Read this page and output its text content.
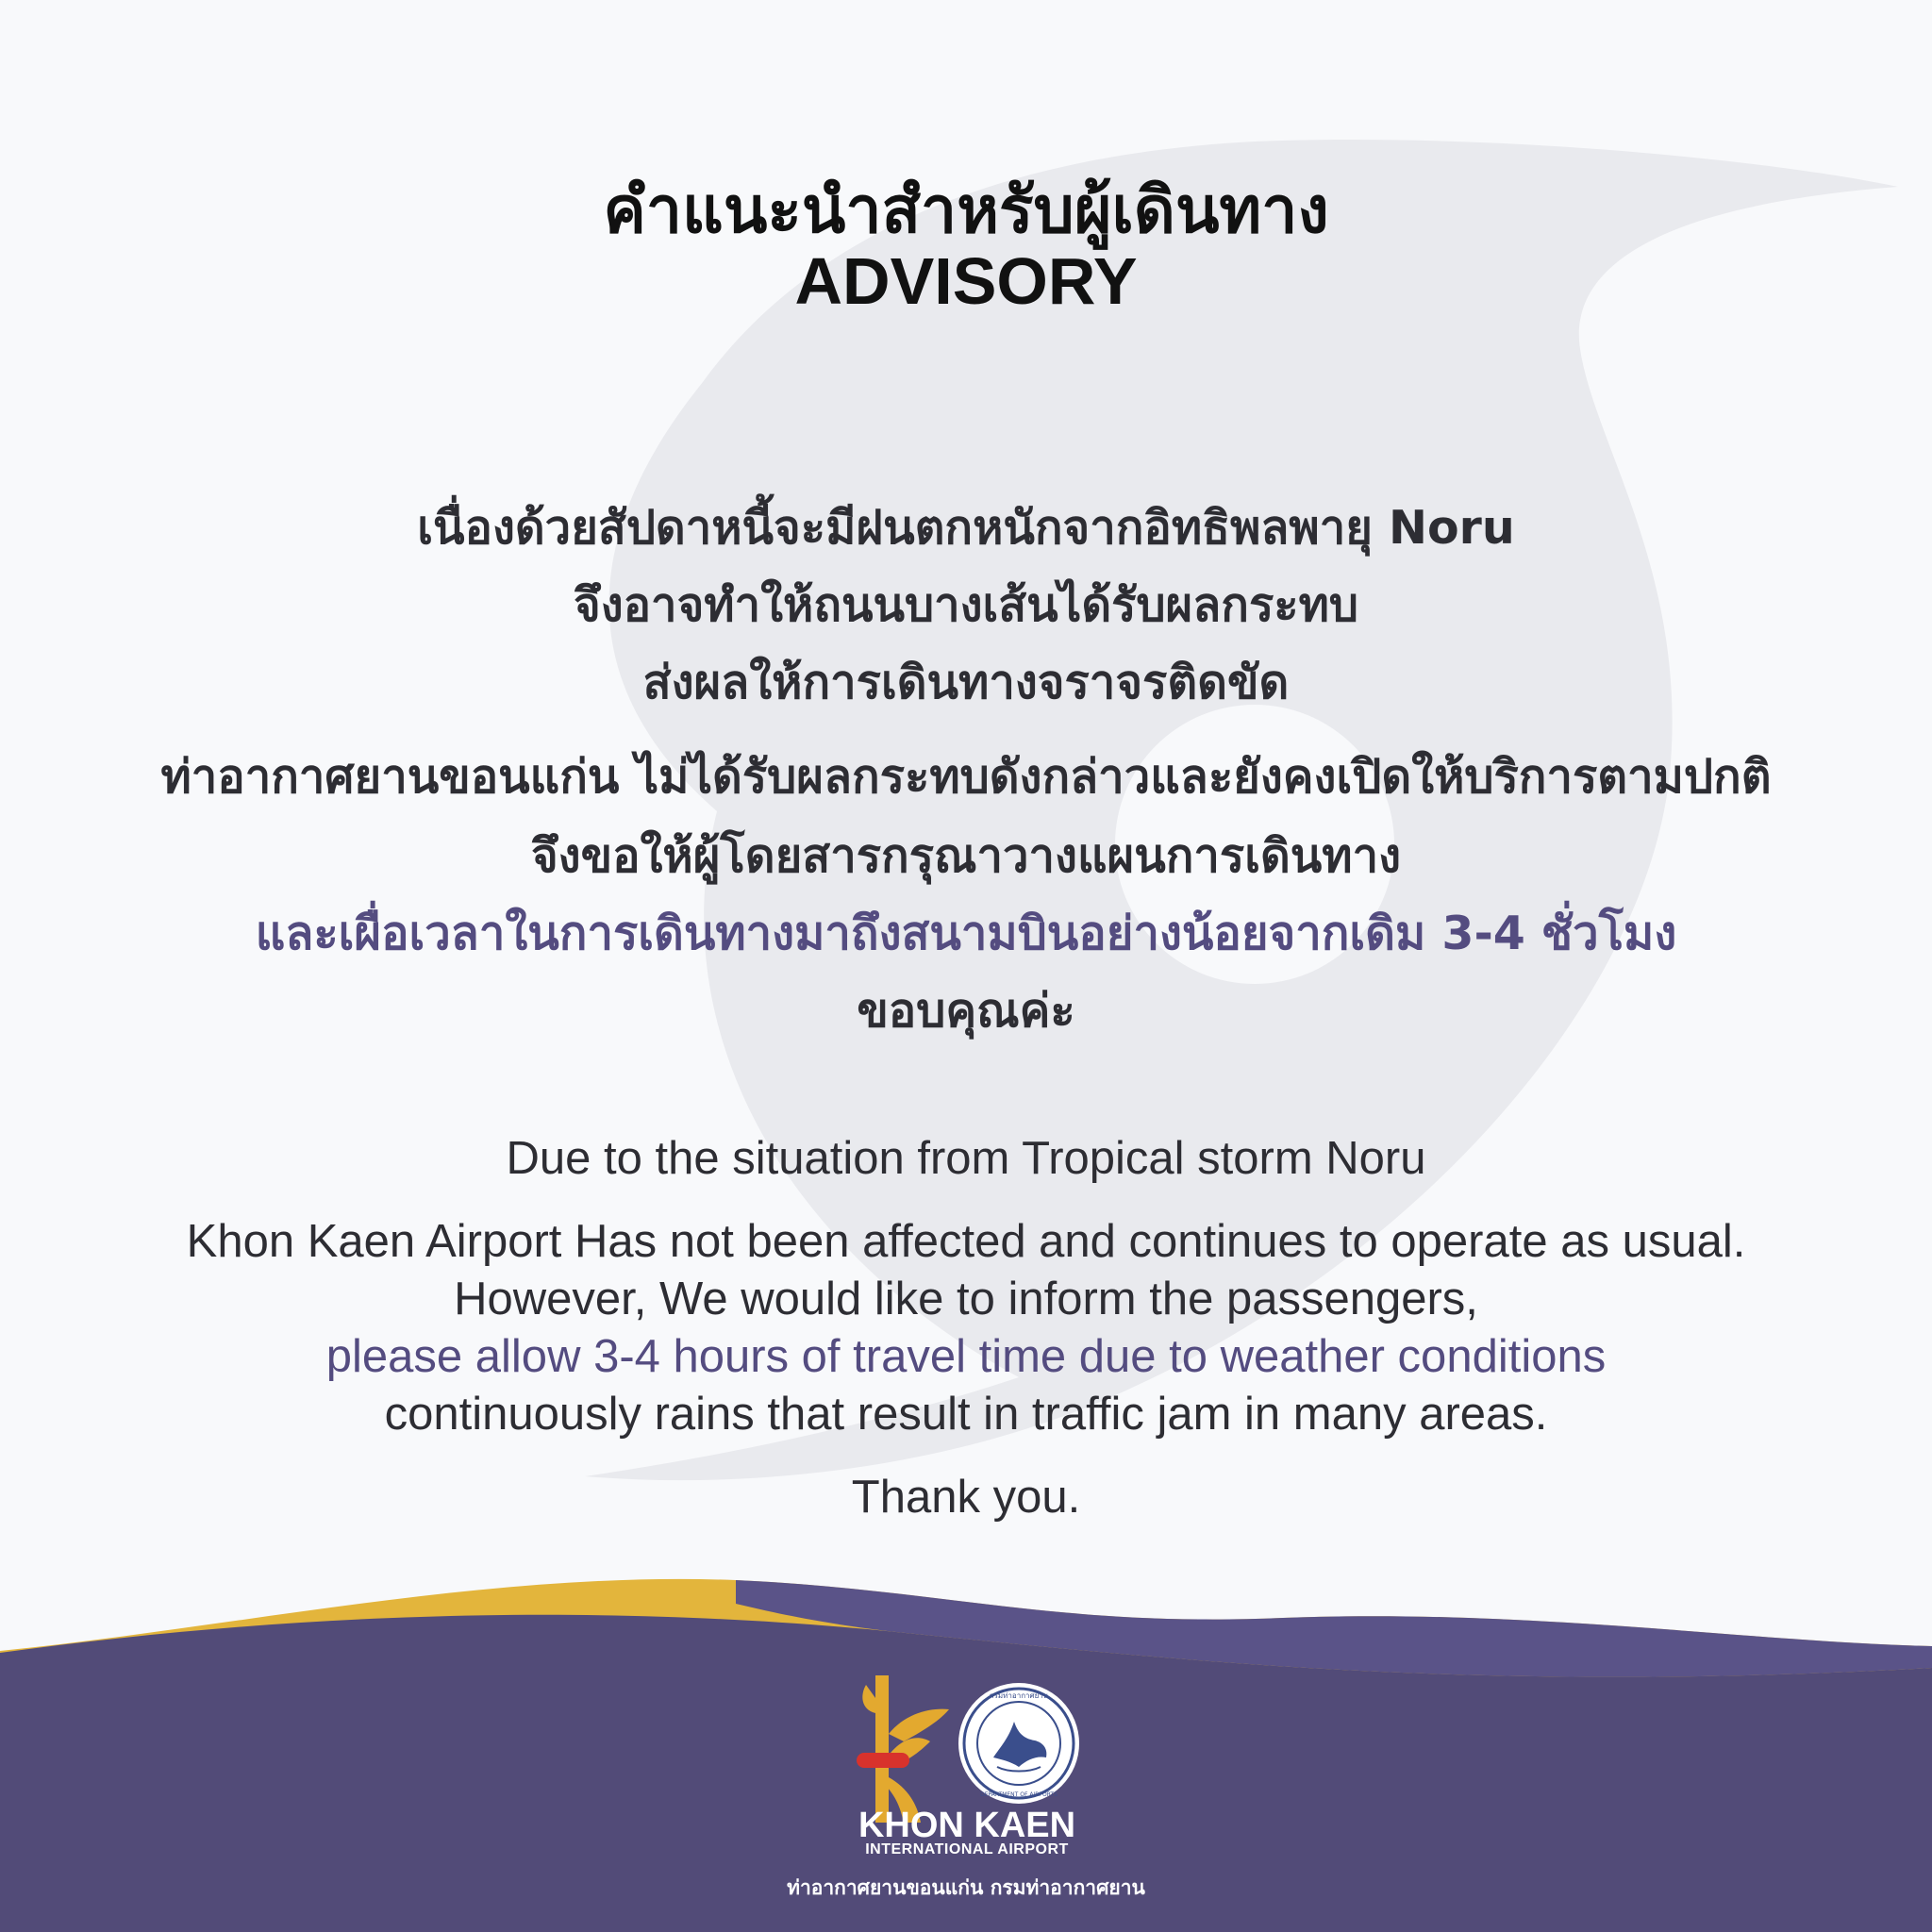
คำแนะนำสำหรับผู้เดินทาง
ADVISORY
เนื่องด้วยสัปดาหนี้จะมีฝนตกหนักจากอิทธิพลพายุ Noru
จึงอาจทำให้ถนนบางเส้นได้รับผลกระทบ
ส่งผลให้การเดินทางจราจรติดขัด
ท่าอากาศยานขอนแก่น ไม่ได้รับผลกระทบดังกล่าวและยังคงเปิดให้บริการตามปกติ
จึงขอให้ผู้โดยสารกรุณาวางแผนการเดินทาง
และเผื่อเวลาในการเดินทางมาถึงสนามบินอย่างน้อยจากเดิม 3-4 ชั่วโมง
ขอบคุณค่ะ
Due to the situation from Tropical storm Noru
Khon Kaen Airport Has not been affected and continues to operate as usual.
However, We would like to inform the passengers,
please allow 3-4 hours of travel time due to weather conditions
continuously rains that result in traffic jam in many areas.
Thank you.
กรมท่าอากาศยาน
DEPARTMENT OF AIRPORTS
KHON KAEN
INTERNATIONAL AIRPORT
ท่าอากาศยานขอนแก่น กรมท่าอากาศยาน
